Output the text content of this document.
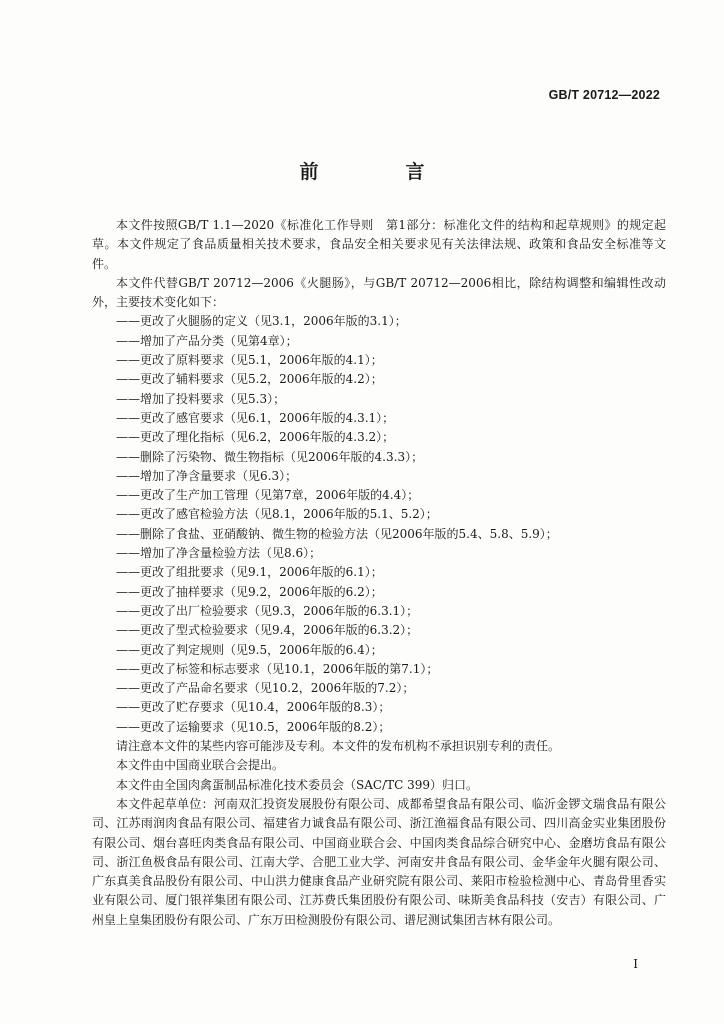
GB/T 20712—2022
前　言

本文件按照GB/T 1.1—2020《标准化工作导则　第1部分：标准化文件的结构和起草规则》的规定起草。本文件规定了食品质量相关技术要求，食品安全相关要求见有关法律法规、政策和食品安全标准等文件。

本文件代替GB/T 20712—2006《火腿肠》，与GB/T 20712—2006相比，除结构调整和编辑性改动外，主要技术变化如下：

——更改了火腿肠的定义（见3.1，2006年版的3.1）；
——增加了产品分类（见第4章）；
——更改了原料要求（见5.1，2006年版的4.1）；
——更改了辅料要求（见5.2，2006年版的4.2）；
——增加了投料要求（见5.3）；
——更改了感官要求（见6.1，2006年版的4.3.1）；
——更改了理化指标（见6.2，2006年版的4.3.2）；
——删除了污染物、微生物指标（见2006年版的4.3.3）；
——增加了净含量要求（见6.3）；
——更改了生产加工管理（见第7章，2006年版的4.4）；
——更改了感官检验方法（见8.1，2006年版的5.1、5.2）；
——删除了食盐、亚硝酸钠、微生物的检验方法（见2006年版的5.4、5.8、5.9）；
——增加了净含量检验方法（见8.6）；
——更改了组批要求（见9.1，2006年版的6.1）；
——更改了抽样要求（见9.2，2006年版的6.2）；
——更改了出厂检验要求（见9.3，2006年版的6.3.1）；
——更改了型式检验要求（见9.4，2006年版的6.3.2）；
——更改了判定规则（见9.5，2006年版的6.4）；
——更改了标签和标志要求（见10.1，2006年版的第7.1）；
——更改了产品命名要求（见10.2，2006年版的7.2）；
——更改了贮存要求（见10.4，2006年版的8.3）；
——更改了运输要求（见10.5，2006年版的8.2）；

请注意本文件的某些内容可能涉及专利。本文件的发布机构不承担识别专利的责任。

本文件由中国商业联合会提出。

本文件由全国肉禽蛋制品标准化技术委员会（SAC/TC 399）归口。

本文件起草单位：河南双汇投资发展股份有限公司、成都希望食品有限公司、临沂金锣文瑞食品有限公司、江苏雨润肉食品有限公司、福建省力诚食品有限公司、浙江渔福食品有限公司、四川高金实业集团股份有限公司、烟台喜旺肉类食品有限公司、中国商业联合会、中国肉类食品综合研究中心、金磨坊食品有限公司、浙江鱼极食品有限公司、江南大学、合肥工业大学、河南安井食品有限公司、金华金年火腿有限公司、广东真美食品股份有限公司、中山洪力健康食品产业研究院有限公司、莱阳市检验检测中心、青岛骨里香实业有限公司、厦门银祥集团有限公司、江苏费氏集团股份有限公司、味斯美食品科技（安吉）有限公司、广州皇上皇集团股份有限公司、广东万田检测股份有限公司、谱尼测试集团吉林有限公司。

I
